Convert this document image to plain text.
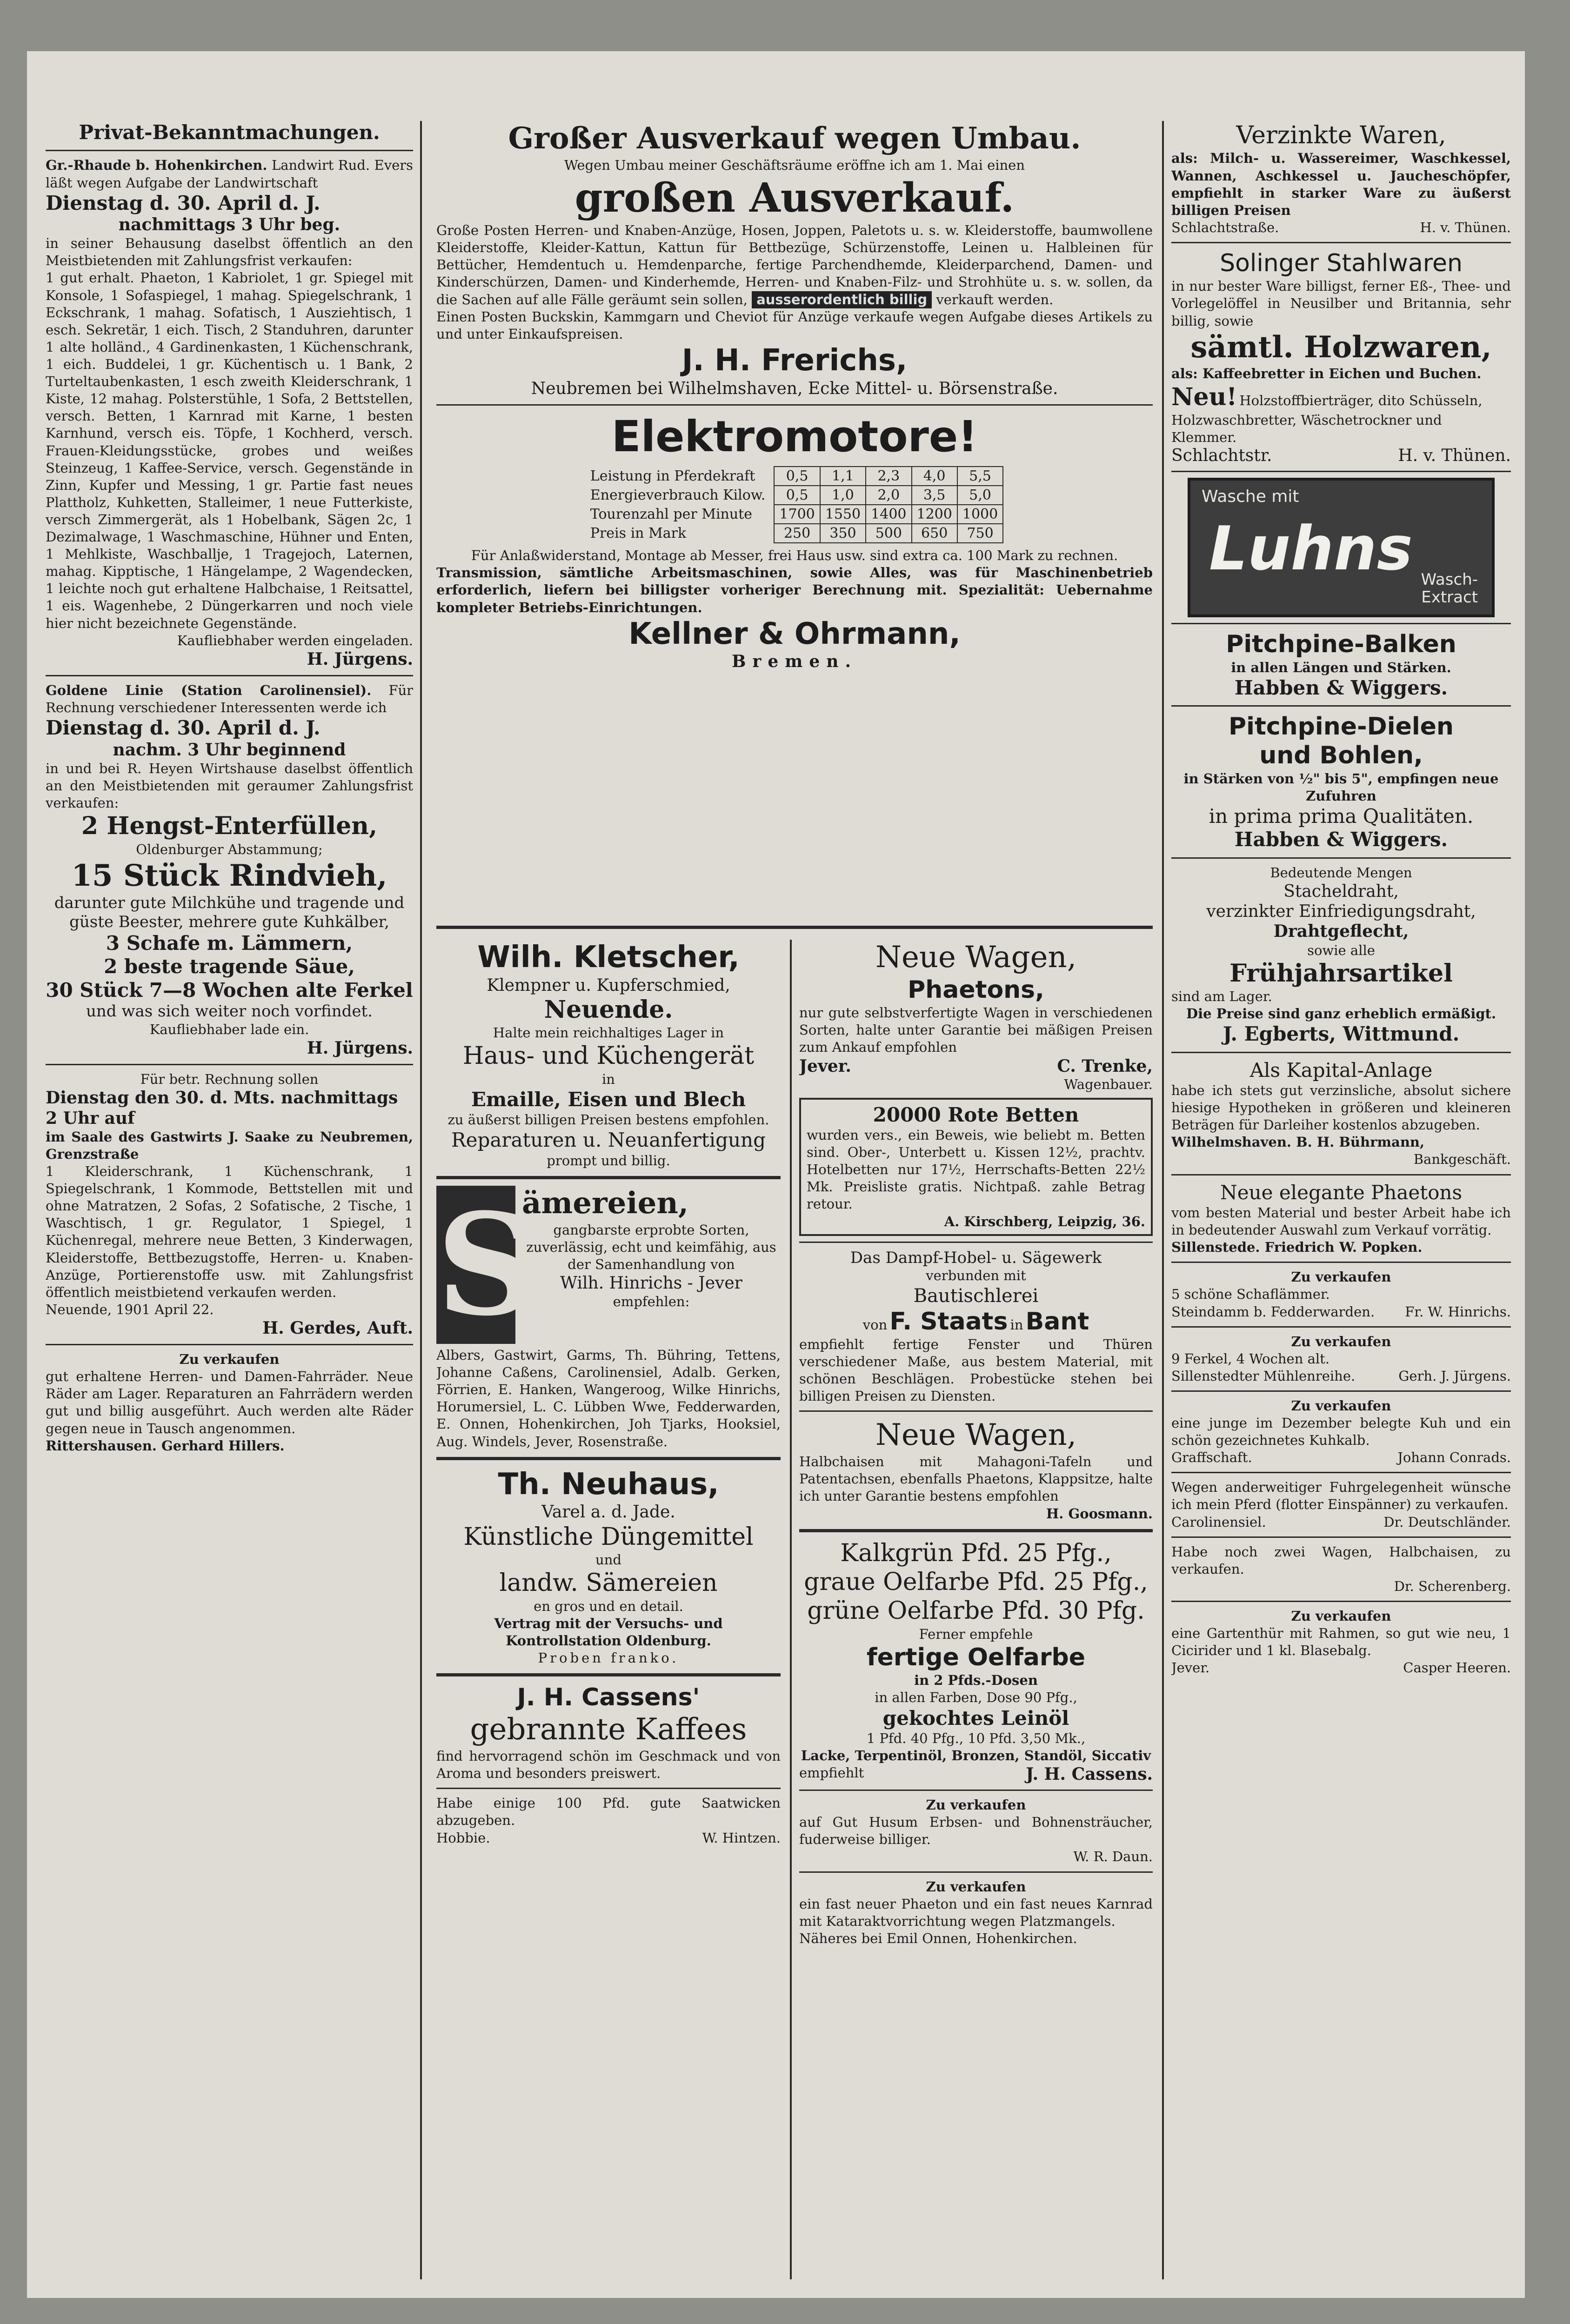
Privat-Bekanntmachungen.

Gr.-Rhaude b. Hohenkirchen. Landwirt Rud. Evers läßt wegen Aufgabe der Landwirtschaft

Dienstag d. 30. April d. J.

nachmittags 3 Uhr beg.

in seiner Behausung daselbst öffentlich an den Meistbietenden mit Zahlungsfrist verkaufen:

1 gut erhalt. Phaeton, 1 Kabriolet, 1 gr. Spiegel mit Konsole, 1 Sofaspiegel, 1 mahag. Spiegelschrank, 1 Eckschrank, 1 mahag. Sofatisch, 1 Ausziehtisch, 1 esch. Sekretär, 1 eich. Tisch, 2 Standuhren, darunter 1 alte holländ., 4 Gardinenkasten, 1 Küchenschrank, 1 eich. Buddelei, 1 gr. Küchentisch u. 1 Bank, 2 Turteltaubenkasten, 1 esch zweith Kleiderschrank, 1 Kiste, 12 mahag. Polsterstühle, 1 Sofa, 2 Bettstellen, versch. Betten, 1 Karnrad mit Karne, 1 besten Karnhund, versch eis. Töpfe, 1 Kochherd, versch. Frauen-Kleidungsstücke, grobes und weißes Steinzeug, 1 Kaffee-Service, versch. Gegenstände in Zinn, Kupfer und Messing, 1 gr. Partie fast neues Plattholz, Kuhketten, Stalleimer, 1 neue Futterkiste, versch Zimmergerät, als 1 Hobelbank, Sägen 2c, 1 Dezimalwage, 1 Waschmaschine, Hühner und Enten, 1 Mehlkiste, Waschballje, 1 Tragejoch, Laternen, mahag. Kipptische, 1 Hängelampe, 2 Wagendecken, 1 leichte noch gut erhaltene Halbchaise, 1 Reitsattel, 1 eis. Wagenhebe, 2 Düngerkarren und noch viele hier nicht bezeichnete Gegenstände.

Kaufliebhaber werden eingeladen.

H. Jürgens.

Goldene Linie (Station Carolinensiel). Für Rechnung verschiedener Interessenten werde ich

Dienstag d. 30. April d. J.

nachm. 3 Uhr beginnend

in und bei R. Heyen Wirtshause daselbst öffentlich an den Meistbietenden mit geraumer Zahlungsfrist verkaufen:

2 Hengst-Enterfüllen,

Oldenburger Abstammung;

15 Stück Rindvieh,

darunter gute Milchkühe und tragende und güste Beester, mehrere gute Kuhkälber,

3 Schafe m. Lämmern,

2 beste tragende Säue,

30 Stück 7—8 Wochen alte Ferkel

und was sich weiter noch vorfindet.

Kaufliebhaber lade ein.

H. Jürgens.

Für betr. Rechnung sollen

Dienstag den 30. d. Mts. nachmittags 2 Uhr auf

im Saale des Gastwirts J. Saake zu Neubremen, Grenzstraße

1 Kleiderschrank, 1 Küchenschrank, 1 Spiegelschrank, 1 Kommode, Bettstellen mit und ohne Matratzen, 2 Sofas, 2 Sofatische, 2 Tische, 1 Waschtisch, 1 gr. Regulator, 1 Spiegel, 1 Küchenregal, mehrere neue Betten, 3 Kinderwagen, Kleiderstoffe, Bettbezugstoffe, Herren- u. Knaben-Anzüge, Portierenstoffe usw. mit Zahlungsfrist öffentlich meistbietend verkaufen werden.

Neuende, 1901 April 22.

H. Gerdes, Auft.

Zu verkaufen

gut erhaltene Herren- und Damen-Fahrräder. Neue Räder am Lager. Reparaturen an Fahrrädern werden gut und billig ausgeführt. Auch werden alte Räder gegen neue in Tausch angenommen.

Rittershausen. Gerhard Hillers.

Großer Ausverkauf wegen Umbau.

Wegen Umbau meiner Geschäftsräume eröffne ich am 1. Mai einen

großen Ausverkauf.

Große Posten Herren- und Knaben-Anzüge, Hosen, Joppen, Paletots u. s. w. Kleiderstoffe, baumwollene Kleiderstoffe, Kleider-Kattun, Kattun für Bettbezüge, Schürzenstoffe, Leinen u. Halbleinen für Bettücher, Hemdentuch u. Hemdenparche, fertige Parchendhemde, Kleiderparchend, Damen- und Kinderschürzen, Damen- und Kinderhemde, Herren- und Knaben-Filz- und Strohhüte u. s. w. sollen, da die Sachen auf alle Fälle geräumt sein sollen, ausserordentlich billig verkauft werden.

Einen Posten Buckskin, Kammgarn und Cheviot für Anzüge verkaufe wegen Aufgabe dieses Artikels zu und unter Einkaufspreisen.

J. H. Frerichs,

Neubremen bei Wilhelmshaven, Ecke Mittel- u. Börsenstraße.

Elektromotore!

Leistung in Pferdekraft	0,5	1,1	2,3	4,0	5,5
Energieverbrauch Kilow.	0,5	1,0	2,0	3,5	5,0
Tourenzahl per Minute	1700	1550	1400	1200	1000
Preis in Mark	250	350	500	650	750

Für Anlaßwiderstand, Montage ab Messer, frei Haus usw. sind extra ca. 100 Mark zu rechnen.

Transmission, sämtliche Arbeitsmaschinen, sowie Alles, was für Maschinenbetrieb erforderlich, liefern bei billigster vorheriger Berechnung mit. Spezialität: Uebernahme kompleter Betriebs-Einrichtungen.

Kellner & Ohrmann,

Bremen.

Wilh. Kletscher,

Klempner u. Kupferschmied,

Neuende.

Halte mein reichhaltiges Lager in

Haus- und Küchengerät

in

Emaille, Eisen und Blech

zu äußerst billigen Preisen bestens empfohlen.

Reparaturen u. Neuanfertigung

prompt und billig.

S

ämereien,

gangbarste erprobte Sorten, zuverlässig, echt und keimfähig, aus der Samenhandlung von

Wilh. Hinrichs - Jever

empfehlen:

Albers, Gastwirt, Garms, Th. Bühring, Tettens, Johanne Caßens, Carolinensiel, Adalb. Gerken, Förrien, E. Hanken, Wangeroog, Wilke Hinrichs, Horumersiel, L. C. Lübben Wwe, Fedderwarden, E. Onnen, Hohenkirchen, Joh Tjarks, Hooksiel, Aug. Windels, Jever, Rosenstraße.

Th. Neuhaus,

Varel a. d. Jade.

Künstliche Düngemittel

und

landw. Sämereien

en gros und en detail.

Vertrag mit der Versuchs- und Kontrollstation Oldenburg.

Proben franko.

J. H. Cassens'

gebrannte Kaffees

find hervorragend schön im Geschmack und von Aroma und besonders preiswert.

Habe einige 100 Pfd. gute Saatwicken abzugeben.

Hobbie.	W. Hintzen.

Neue Wagen,

Phaetons,

nur gute selbstverfertigte Wagen in verschiedenen Sorten, halte unter Garantie bei mäßigen Preisen zum Ankauf empfohlen

Jever.	C. Trenke,

Wagenbauer.

20000 Rote Betten

wurden vers., ein Beweis, wie beliebt m. Betten sind. Ober-, Unterbett u. Kissen 12½, prachtv. Hotelbetten nur 17½, Herrschafts-Betten 22½ Mk. Preisliste gratis. Nichtpaß. zahle Betrag retour.

A. Kirschberg, Leipzig, 36.

Das Dampf-Hobel- u. Sägewerk

verbunden mit

Bautischlerei

von F. Staats in Bant

empfiehlt fertige Fenster und Thüren verschiedener Maße, aus bestem Material, mit schönen Beschlägen. Probestücke stehen bei billigen Preisen zu Diensten.

Neue Wagen,

Halbchaisen mit Mahagoni-Tafeln und Patentachsen, ebenfalls Phaetons, Klappsitze, halte ich unter Garantie bestens empfohlen

H. Goosmann.

Kalkgrün Pfd. 25 Pfg.,

graue Oelfarbe Pfd. 25 Pfg.,

grüne Oelfarbe Pfd. 30 Pfg.

Ferner empfehle

fertige Oelfarbe

in 2 Pfds.-Dosen

in allen Farben, Dose 90 Pfg.,

gekochtes Leinöl

1 Pfd. 40 Pfg., 10 Pfd. 3,50 Mk.,

Lacke, Terpentinöl, Bronzen, Standöl, Siccativ

empfiehlt	J. H. Cassens.

Zu verkaufen

auf Gut Husum Erbsen- und Bohnensträucher, fuderweise billiger.

W. R. Daun.

Zu verkaufen

ein fast neuer Phaeton und ein fast neues Karnrad mit Kataraktvorrichtung wegen Platzmangels.

Näheres bei Emil Onnen, Hohenkirchen.

Verzinkte Waren,

als: Milch- u. Wassereimer, Waschkessel, Wannen, Aschkessel u. Jaucheschöpfer, empfiehlt in starker Ware zu äußerst billigen Preisen

Schlachtstraße.	H. v. Thünen.

Solinger Stahlwaren

in nur bester Ware billigst, ferner Eß-, Thee- und Vorlegelöffel in Neusilber und Britannia, sehr billig, sowie

sämtl. Holzwaren,

als: Kaffeebretter in Eichen und Buchen.

Neu! Holzstoffbierträger, dito Schüsseln, Holzwaschbretter, Wäschetrockner und Klemmer.

Schlachtstr.	H. v. Thünen.
Wasche mit
Luhns Wasch-
Extract

Pitchpine-Balken

in allen Längen und Stärken.

Habben & Wiggers.

Pitchpine-Dielen

und Bohlen,

in Stärken von ½" bis 5", empfingen neue Zufuhren

in prima prima Qualitäten.

Habben & Wiggers.

Bedeutende Mengen

Stacheldraht,

verzinkter Einfriedigungsdraht,

Drahtgeflecht,

sowie alle

Frühjahrsartikel

sind am Lager.

Die Preise sind ganz erheblich ermäßigt.

J. Egberts, Wittmund.

Als Kapital-Anlage

habe ich stets gut verzinsliche, absolut sichere hiesige Hypotheken in größeren und kleineren Beträgen für Darleiher kostenlos abzugeben.

Wilhelmshaven. B. H. Bührmann,

Bankgeschäft.

Neue elegante Phaetons

vom besten Material und bester Arbeit habe ich in bedeutender Auswahl zum Verkauf vorrätig.

Sillenstede. Friedrich W. Popken.

Zu verkaufen

5 schöne Schaflämmer.

Steindamm b. Fedderwarden. Fr. W. Hinrichs.

Zu verkaufen

9 Ferkel, 4 Wochen alt.

Sillenstedter Mühlenreihe.	Gerh. J. Jürgens.

Zu verkaufen

eine junge im Dezember belegte Kuh und ein schön gezeichnetes Kuhkalb.

Graffschaft.	Johann Conrads.

Wegen anderweitiger Fuhrgelegenheit wünsche ich mein Pferd (flotter Einspänner) zu verkaufen.

Carolinensiel.	Dr. Deutschländer.

Habe noch zwei Wagen, Halbchaisen, zu verkaufen.

Dr. Scherenberg.

Zu verkaufen

eine Gartenthür mit Rahmen, so gut wie neu, 1 Cicirider und 1 kl. Blasebalg.

Jever.	Casper Heeren.
